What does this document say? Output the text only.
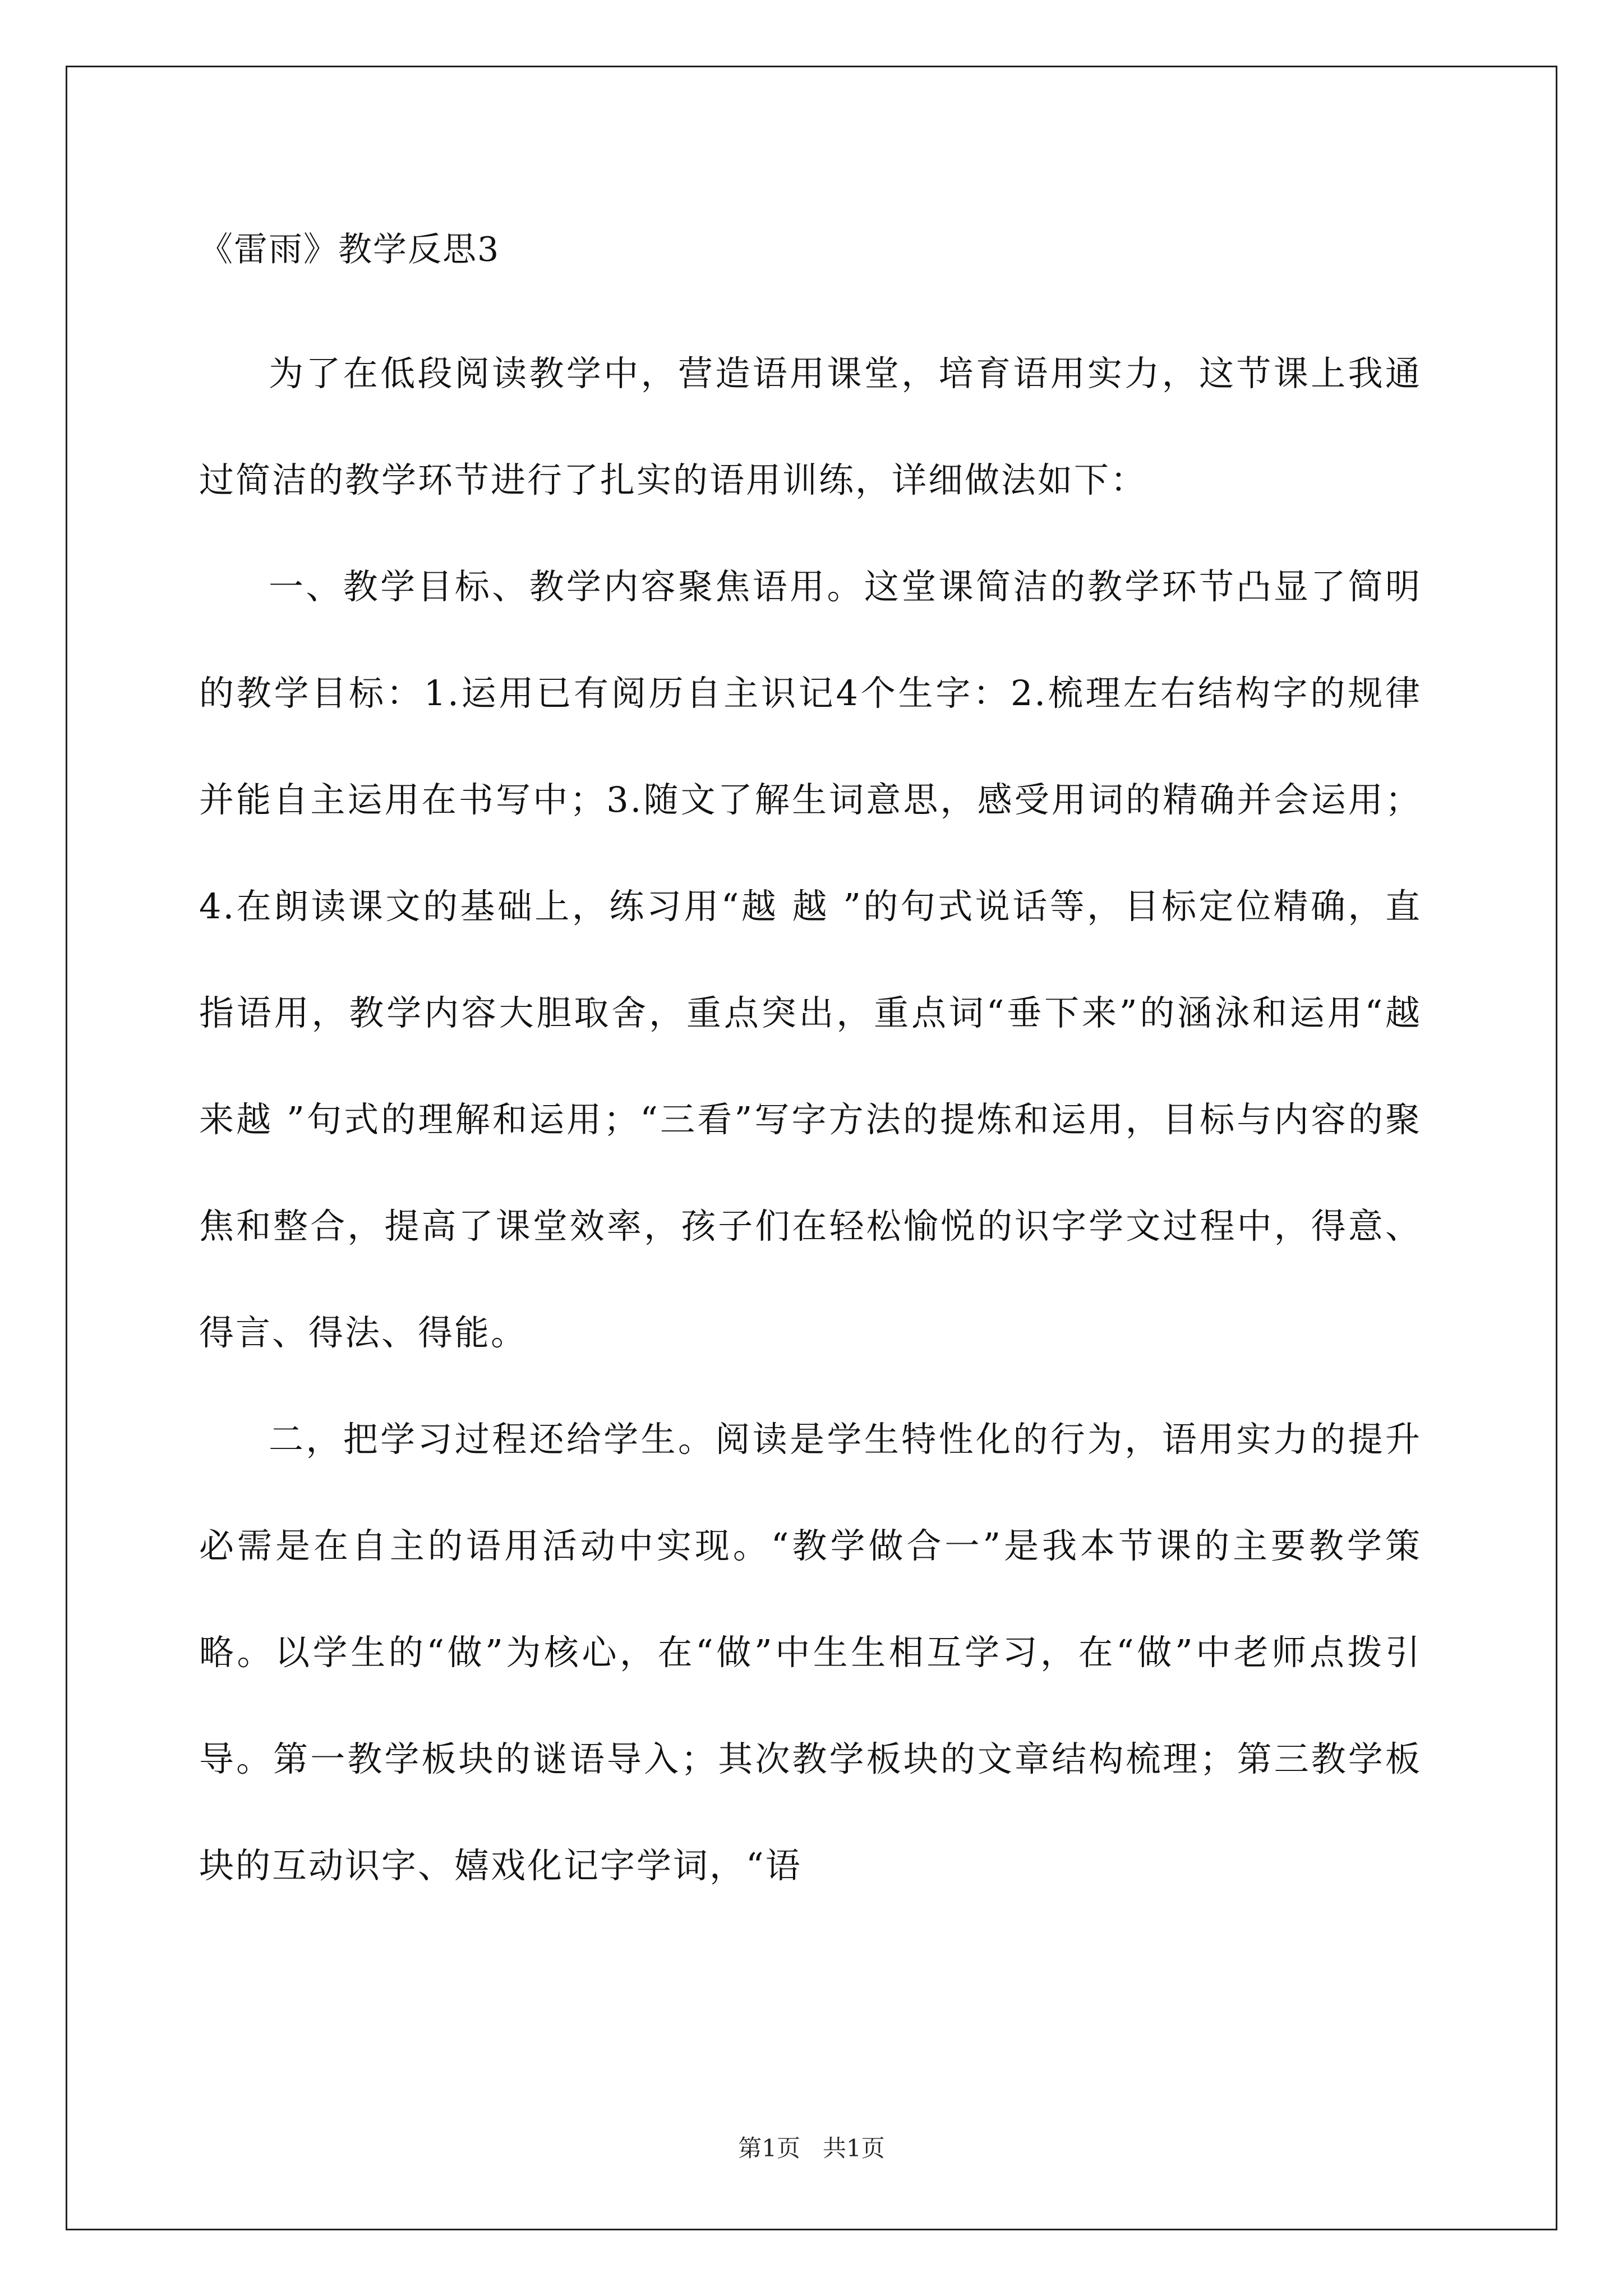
《雷雨》教学反思3

为了在低段阅读教学中，营造语用课堂，培育语用实力，这节课上我通过简洁的教学环节进行了扎实的语用训练，详细做法如下：

一、教学目标、教学内容聚焦语用。这堂课简洁的教学环节凸显了简明的教学目标：1.运用已有阅历自主识记4个生字：2.梳理左右结构字的规律并能自主运用在书写中；3.随文了解生词意思，感受用词的精确并会运用；4.在朗读课文的基础上，练习用“越 越 ”的句式说话等，目标定位精确，直指语用，教学内容大胆取舍，重点突出，重点词“垂下来”的涵泳和运用“越来越 ”句式的理解和运用；“三看”写字方法的提炼和运用，目标与内容的聚焦和整合，提高了课堂效率，孩子们在轻松愉悦的识字学文过程中，得意、得言、得法、得能。

二，把学习过程还给学生。阅读是学生特性化的行为，语用实力的提升必需是在自主的语用活动中实现。“教学做合一”是我本节课的主要教学策略。以学生的“做”为核心，在“做”中生生相互学习，在“做”中老师点拨引导。第一教学板块的谜语导入；其次教学板块的文章结构梳理；第三教学板块的互动识字、嬉戏化记字学词，“语

第1页   共1页
